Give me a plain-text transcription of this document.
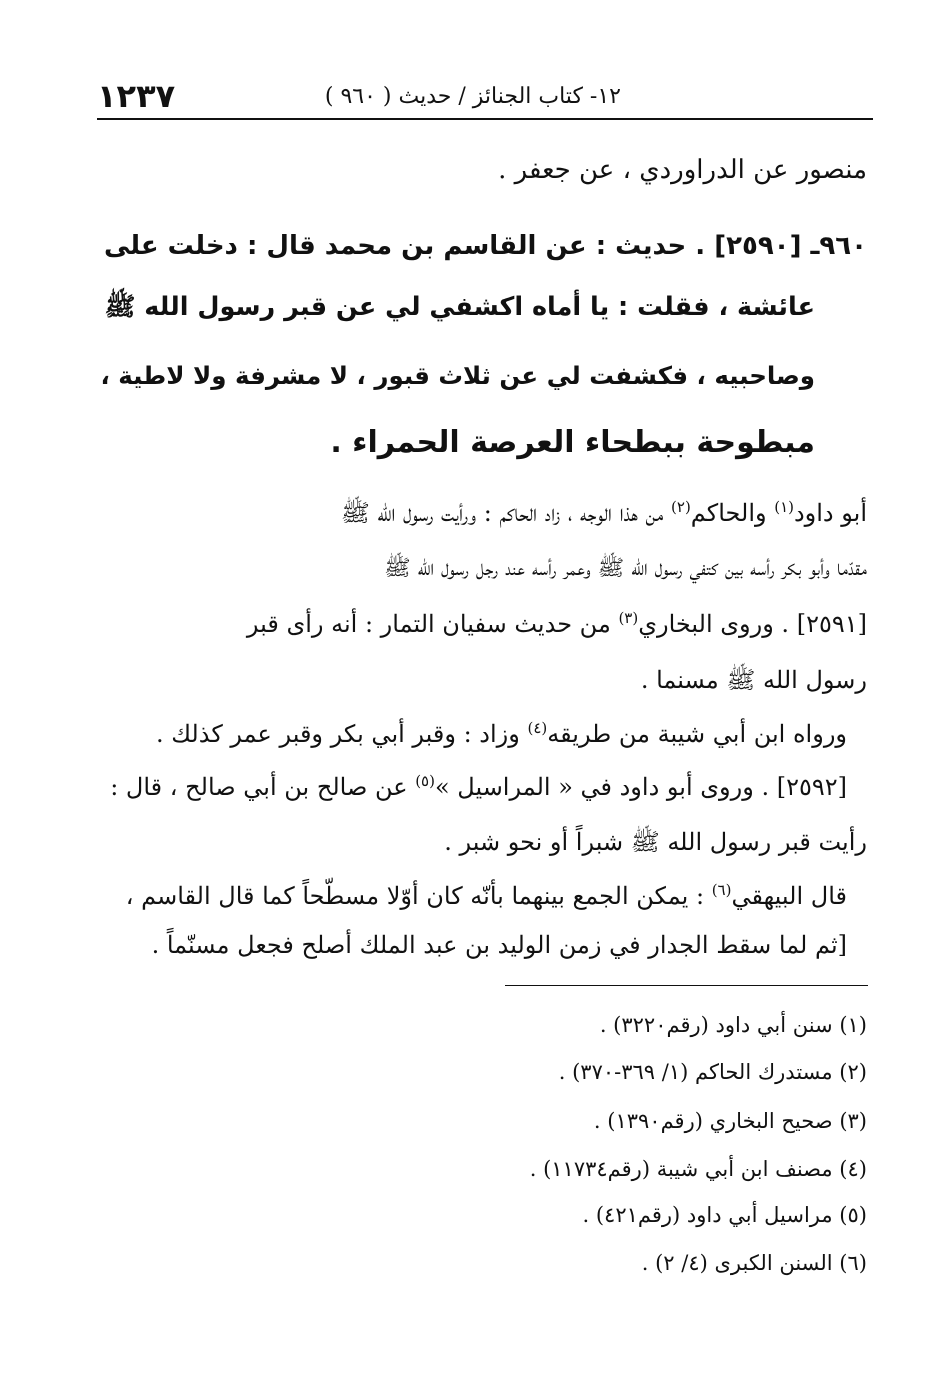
١٢٣٧	١٢- كتاب الجنائز / حديث ( ٩٦٠ )
منصور عن الدراوردي ، عن جعفر .
٩٦٠ـ [٢٥٩٠] . حديث : عن القاسم بن محمد قال : دخلت على
عائشة ، فقلت : يا أماه اكشفي لي عن قبر رسول الله ﷺ
وصاحبيه ، فكشفت لي عن ثلاث قبور ، لا مشرفة ولا لاطية ،
مبطوحة ببطحاء العرصة الحمراء .
أبو داود$^{(١)}$ والحاكم$^{(٢)}$ من هذا الوجه ، زاد الحاكم : ورأيت رسول الله ﷺ
مقدّما وأبو بكر رأسه بين كتفي رسول الله ﷺ وعمر رأسه عند رجل رسول الله ﷺ
[٢٥٩١] . وروى البخاري$^{(٣)}$ من حديث سفيان التمار : أنه رأى قبر
رسول الله ﷺ مسنما .
ورواه ابن أبي شيبة من طريقه$^{(٤)}$ وزاد : وقبر أبي بكر وقبر عمر كذلك .
[٢٥٩٢] . وروى أبو داود في « المراسيل »$^{(٥)}$ عن صالح بن أبي صالح ، قال :
رأيت قبر رسول الله ﷺ شبراً أو نحو شبر .
قال البيهقي$^{(٦)}$ : يمكن الجمع بينهما بأنّه كان أوّلا مسطّحاً كما قال القاسم ،
[ثم لما سقط الجدار في زمن الوليد بن عبد الملك أصلح فجعل مسنّماً .
(١) سنن أبي داود (رقم٣٢٢٠) .
(٢) مستدرك الحاكم (١/ ٣٦٩-٣٧٠) .
(٣) صحيح البخاري (رقم١٣٩٠) .
(٤) مصنف ابن أبي شيبة (رقم١١٧٣٤) .
(٥) مراسيل أبي داود (رقم٤٢١) .
(٦) السنن الكبرى (٤/ ٢) .
